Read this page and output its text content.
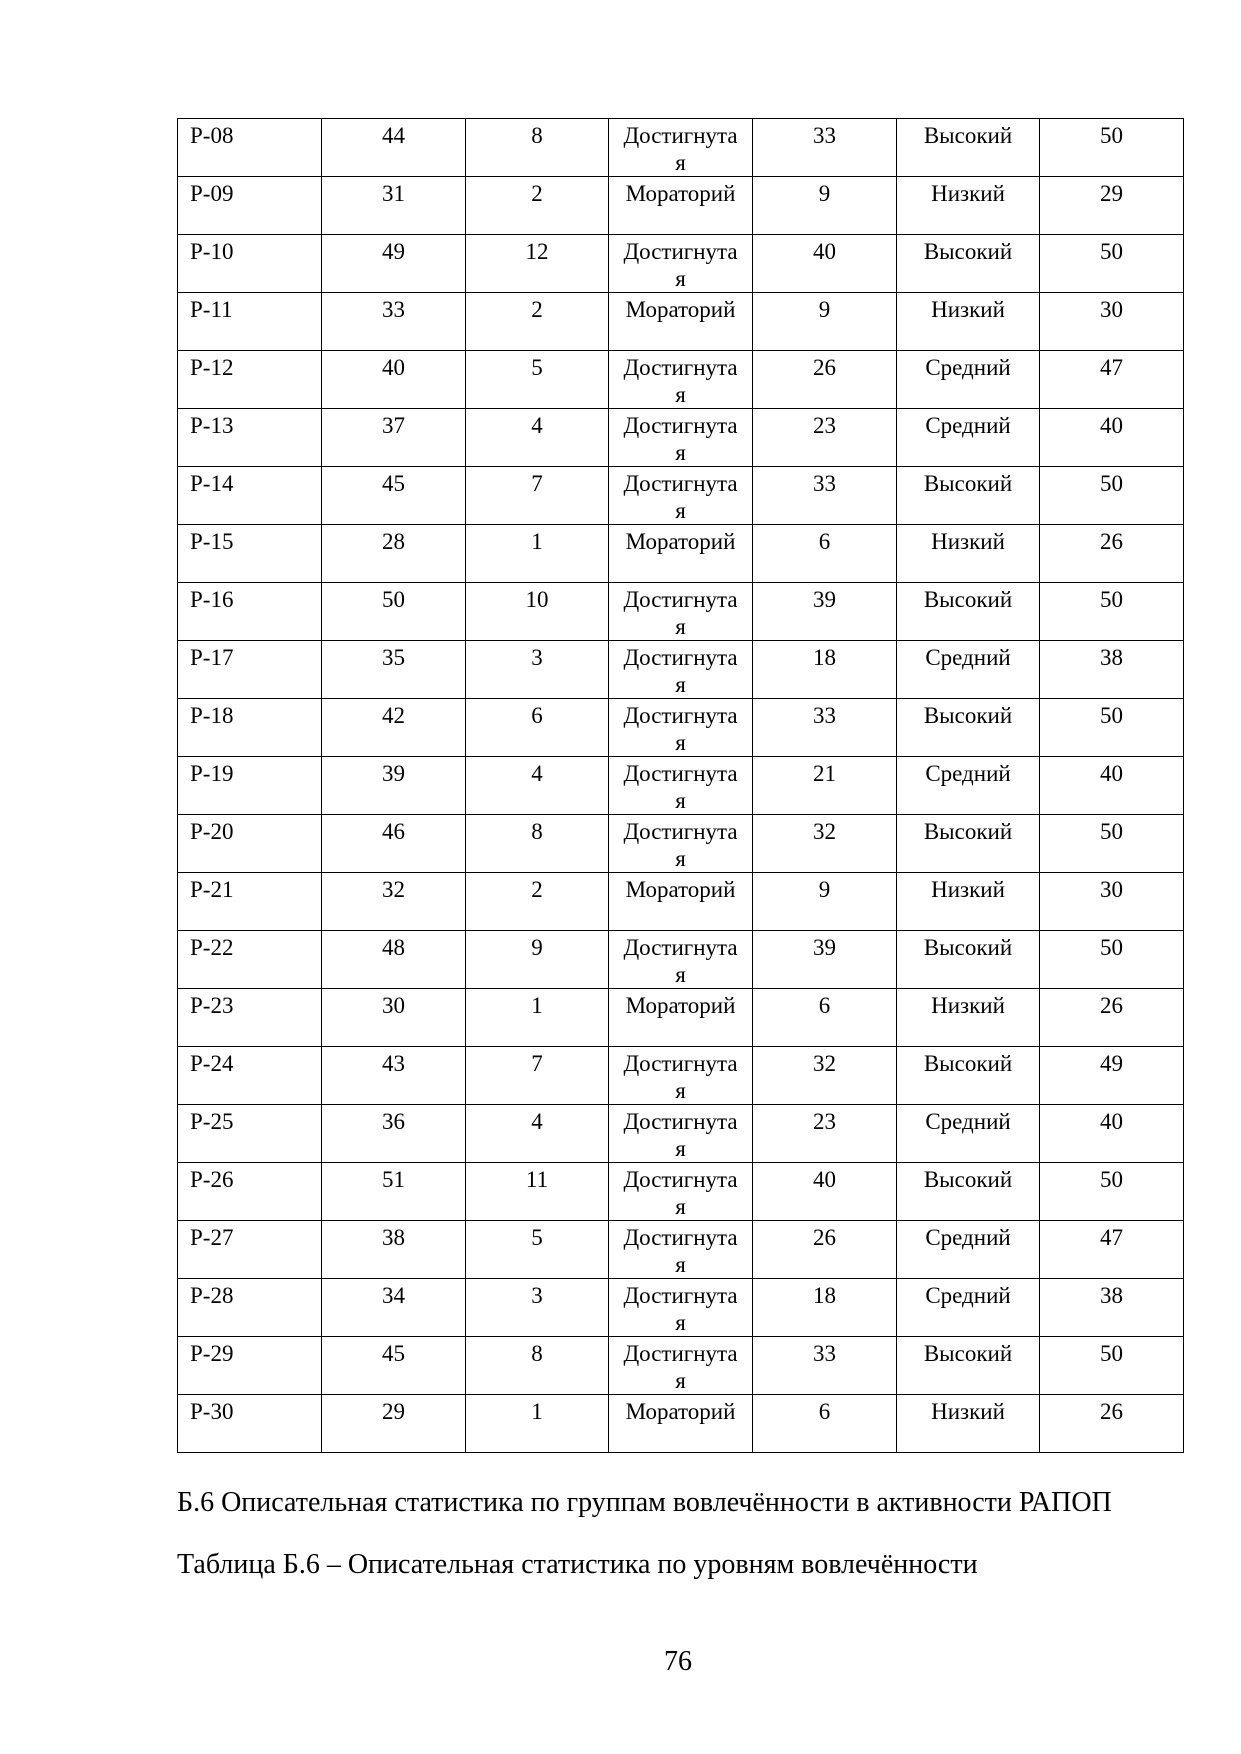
Р-08	44	8	Достигнутая	33	Высокий	50

Р-09	31	2	Мораторий	9	Низкий	29

Р-10	49	12	Достигнутая	40	Высокий	50

Р-11	33	2	Мораторий	9	Низкий	30

Р-12	40	5	Достигнутая	26	Средний	47

Р-13	37	4	Достигнутая	23	Средний	40

Р-14	45	7	Достигнутая	33	Высокий	50

Р-15	28	1	Мораторий	6	Низкий	26

Р-16	50	10	Достигнутая	39	Высокий	50

Р-17	35	3	Достигнутая	18	Средний	38

Р-18	42	6	Достигнутая	33	Высокий	50

Р-19	39	4	Достигнутая	21	Средний	40

Р-20	46	8	Достигнутая	32	Высокий	50

Р-21	32	2	Мораторий	9	Низкий	30

Р-22	48	9	Достигнутая	39	Высокий	50

Р-23	30	1	Мораторий	6	Низкий	26

Р-24	43	7	Достигнутая	32	Высокий	49

Р-25	36	4	Достигнутая	23	Средний	40

Р-26	51	11	Достигнутая	40	Высокий	50

Р-27	38	5	Достигнутая	26	Средний	47

Р-28	34	3	Достигнутая	18	Средний	38

Р-29	45	8	Достигнутая	33	Высокий	50

Р-30	29	1	Мораторий	6	Низкий	26
Б.6 Описательная статистика по группам вовлечённости в активности РАПОП
Таблица Б.6 – Описательная статистика по уровням вовлечённости
76
